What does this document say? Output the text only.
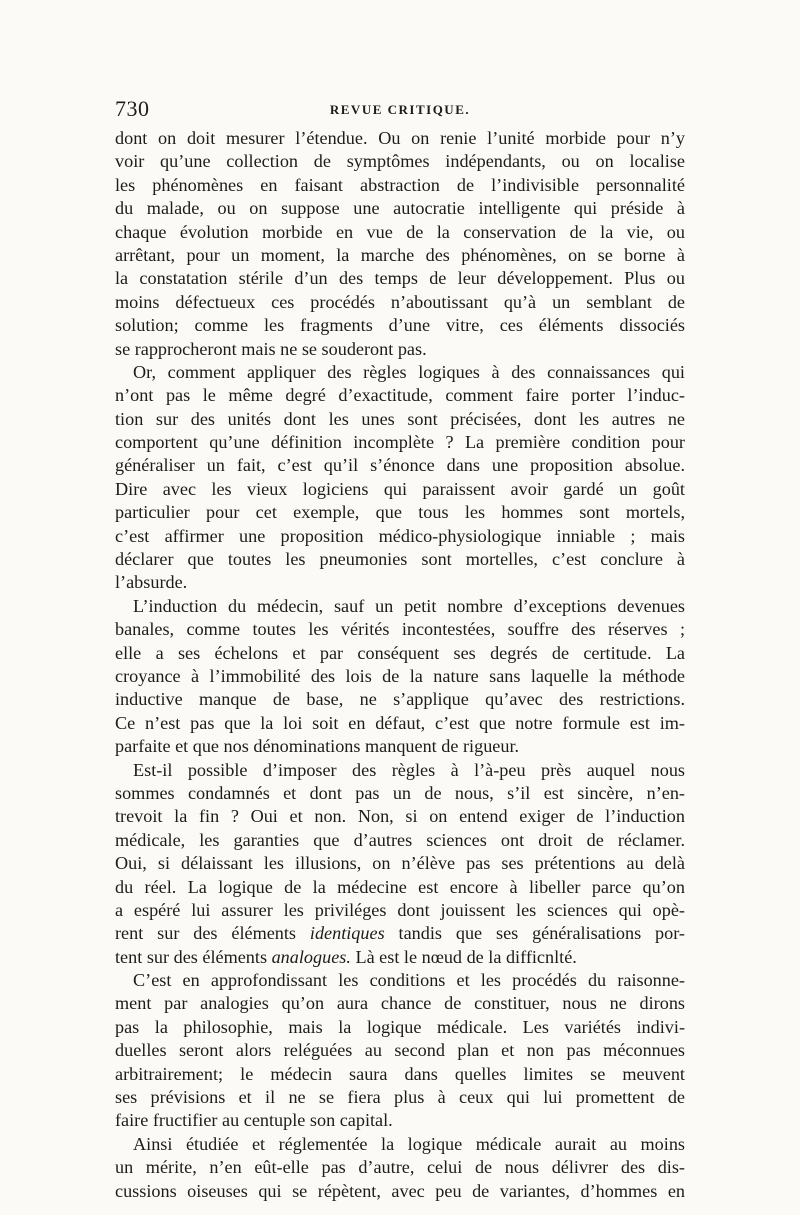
730	REVUE CRITIQUE.
dont on doit mesurer l’étendue. Ou on renie l’unité morbide pour n’y
voir qu’une collection de symptômes indépendants, ou on localise
les phénomènes en faisant abstraction de l’indivisible personnalité
du malade, ou on suppose une autocratie intelligente qui préside à
chaque évolution morbide en vue de la conservation de la vie, ou
arrêtant, pour un moment, la marche des phénomènes, on se borne à
la constatation stérile d’un des temps de leur développement. Plus ou
moins défectueux ces procédés n’aboutissant qu’à un semblant de
solution; comme les fragments d’une vitre, ces éléments dissociés
se rapprocheront mais ne se souderont pas.
Or, comment appliquer des règles logiques à des connaissances qui
n’ont pas le même degré d’exactitude, comment faire porter l’induc-
tion sur des unités dont les unes sont précisées, dont les autres ne
comportent qu’une définition incomplète ? La première condition pour
généraliser un fait, c’est qu’il s’énonce dans une proposition absolue.
Dire avec les vieux logiciens qui paraissent avoir gardé un goût
particulier pour cet exemple, que tous les hommes sont mortels,
c’est affirmer une proposition médico-physiologique inniable ; mais
déclarer que toutes les pneumonies sont mortelles, c’est conclure à
l’absurde.
L’induction du médecin, sauf un petit nombre d’exceptions devenues
banales, comme toutes les vérités incontestées, souffre des réserves ;
elle a ses échelons et par conséquent ses degrés de certitude. La
croyance à l’immobilité des lois de la nature sans laquelle la méthode
inductive manque de base, ne s’applique qu’avec des restrictions.
Ce n’est pas que la loi soit en défaut, c’est que notre formule est im-
parfaite et que nos dénominations manquent de rigueur.
Est-il possible d’imposer des règles à l’à-peu près auquel nous
sommes condamnés et dont pas un de nous, s’il est sincère, n’en-
trevoit la fin ? Oui et non. Non, si on entend exiger de l’induction
médicale, les garanties que d’autres sciences ont droit de réclamer.
Oui, si délaissant les illusions, on n’élève pas ses prétentions au delà
du réel. La logique de la médecine est encore à libeller parce qu’on
a espéré lui assurer les priviléges dont jouissent les sciences qui opè-
rent sur des éléments identiques tandis que ses généralisations por-
tent sur des éléments analogues. Là est le nœud de la difficnlté.
C’est en approfondissant les conditions et les procédés du raisonne-
ment par analogies qu’on aura chance de constituer, nous ne dirons
pas la philosophie, mais la logique médicale. Les variétés indivi-
duelles seront alors reléguées au second plan et non pas méconnues
arbitrairement; le médecin saura dans quelles limites se meuvent
ses prévisions et il ne se fiera plus à ceux qui lui promettent de
faire fructifier au centuple son capital.
Ainsi étudiée et réglementée la logique médicale aurait au moins
un mérite, n’en eût-elle pas d’autre, celui de nous délivrer des dis-
cussions oiseuses qui se répètent, avec peu de variantes, d’hommes en
